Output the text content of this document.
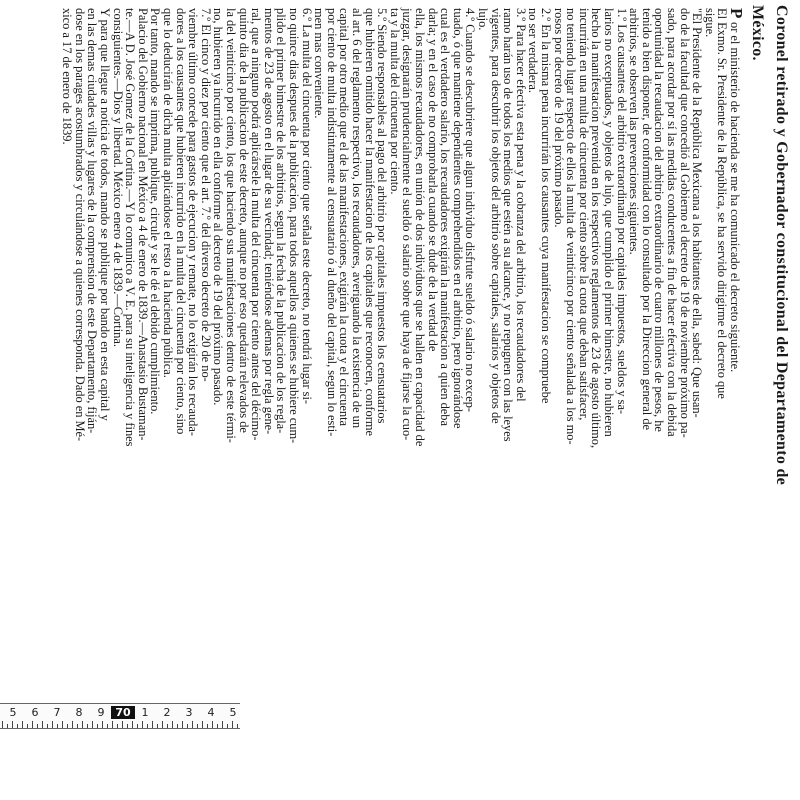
Coronel retirado y Gobernador constitucional del Departamento de
México.
or el ministerio de hacienda se me ha comunicado el decreto siguiente.
El Exmo. Sr. Presidente de la República, se ha servido dirigirme el decreto que
sigue.
"El Presidente de la República Mexicana a los habitantes de ella, sabed: Que usan-
do de la facultad que concedió al Gobierno el decreto de 19 de noviembre próximo pa-
sado, para acordar por sí las medidas conducentes a fin de hacer efectiva con la debida
oportunidad la recaudacion del arbitrio extraordinario de cuatro millones de pesos, he
tenido a bien disponer, de conformidad con lo consultado por la Direccion general de
arbitrios, se observen las prevenciones siguientes.
1.º Los causantes del arbitrio extraordinario por capitales impuestos, sueldos y sa-
larios no exceptuados, y objetos de lujo, que cumplido el primer bimestre, no hubieren
hecho la manifestacion prevenida en los respectivos reglamentos de 23 de agosto último,
incurrirán en una multa de cincuenta por ciento sobre la cuota que deban satisfacer,
no teniendo lugar respecto de ellos la multa de veinticinco por ciento señalada a los mo-
rosos por decreto de 19 del próximo pasado.
2.º En la misma pena incurrirán los causantes cuya manifestacion se compruebe
no ser verdadera.
3.º Para hacer efectiva esta pena y la cobranza del arbitrio, los recaudadores del
ramo harán uso de todos los medios que estén a su alcance, y no repugnen con las leyes
vigentes, para descubrir los objetos del arbitrio sobre capitales, salarios y objetos de
lujo.
4.º Cuando se descubriere que algun individuo disfrute sueldo ó salario no excep-
tuado, ó que mantiene dependientes comprehendidos en el arbitrio, pero ignorándose
cual es el verdadero salario, los recaudadores exigirán la manifestacion a quien deba
darla; y en el caso de no comprobarla cuando se dude de la verdad de
ella, los mismos recaudadores, en unión de dos individuos que se hallen en capacidad de
juzgar, designarán prudencialmente el sueldo ó salario sobre que haya de fijarse la cuo-
ta y la multa del cincuenta por ciento.
5.º Siendo responsables al pago del arbitrio por capitales impuestos los censuatarios
que hubieren omitido hacer la manifestacion de los capitales que reconocen, conforme
al art. 6 del reglamento respectivo, los recaudadores, averiguando la existencia de un
capital por otro medio que el de las manifestaciones, exigirán la cuota y el cincuenta
por ciento de multa indistintamente al censuatario ó al dueño del capital, segun lo esti-
men mas conveniente.
6.º La multa del cincuenta por ciento que señala este decreto, no tendrá lugar si-
no quince dias despues de la publicacion, para todos aquellos a quienes se hubiere cum-
plido el primer bimestre de los arbitrios, segun la fecha de la publicacion de los regla-
mentos de 23 de agosto en el lugar de su vecindad; teniéndose ademas por regla gene-
ral, que a ninguno podrá aplicársele la multa del cincuenta por ciento antes del décimo-
quinto dia de la publicacion de este decreto, aunque no por eso quedarán relevados de
la del veinticinco por ciento, los que haciendo sus manifestaciones dentro de este térmi-
no, hubieren ya incurrido en ella conforme al decreto de 19 del próximo pasado.
7.º El cinco y diez por ciento que el art. 7.º del diverso decreto de 20 de no-
viembre último concede para gastos de ejecucion y remate, no lo exigirán los recauda-
dores a los causantes que hubieren incurrido en la multa del cincuenta por ciento, sino
que lo deducirán de dicha multa aplicándose el resto a la hacienda pública.
Por tanto, mando se imprima, publique, circule y se le dé el debido cumplimiento.
Palacio del Gobierno nacional en México a 4 de enero de 1839.—Anastasio Bustaman-
te.—A D. José Gomez de la Cortina.—Y lo comunico a V. E. para su inteligencia y fines
consiguientes.—Dios y libertad. México enero 4 de 1839.—Cortina.
Y para que llegue a noticia de todos, mando se publique por bando en esta capital y
en las demas ciudades villas y lugares de la comprension de este Departamento, fiján-
dose en los parages acostumbrados y circulándose a quienes corresponda. Dado en Mé-
xico a 17 de enero de 1839.	P
5	6	7	8	9 70 1	2	3	4	5
